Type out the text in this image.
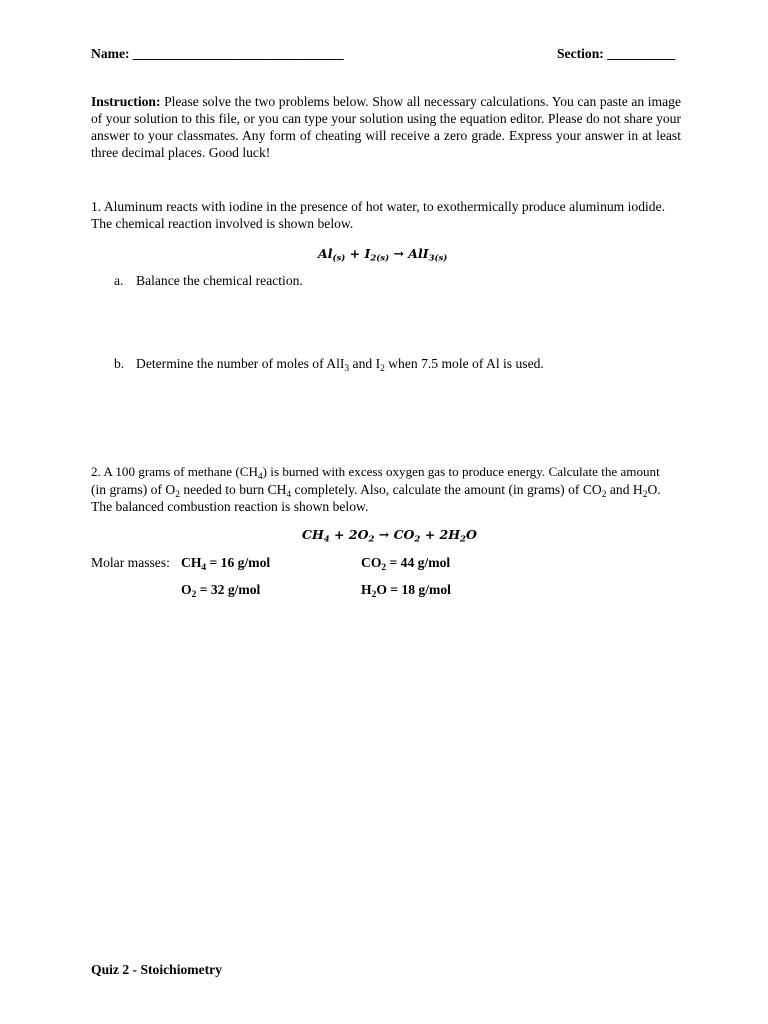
Name: _______________________________	Section: __________
Instruction: Please solve the two problems below. Show all necessary calculations. You can paste an image of your solution to this file, or you can type your solution using the equation editor. Please do not share your answer to your classmates. Any form of cheating will receive a zero grade. Express your answer in at least three decimal places. Good luck!
1. Aluminum reacts with iodine in the presence of hot water, to exothermically produce aluminum iodide.
The chemical reaction involved is shown below.
$Al_{(s)} + I_{2(s)} \to AlI_{3(s)}$
a. Balance the chemical reaction.
b. Determine the number of moles of AlI$_3$ and $I_2$ when 7.5 mole of Al is used.
2. A 100 grams of methane $(CH_4)$ is burned with excess oxygen gas to produce energy. Calculate the amount
(in grams) of $O_2$ needed to burn $CH_4$ completely. Also, calculate the amount (in grams) of $CO_2$ and $H_2O$.
The balanced combustion reaction is shown below.
$CH_4 + 2O_2 \to CO_2 + 2H_2O$
Molar masses: $CH_4 = 16$ g/mol	$CO_2 = 44$ g/mol
$O_2 = 32$ g/mol	$H_2O = 18$ g/mol
Quiz 2 - Stoichiometry
